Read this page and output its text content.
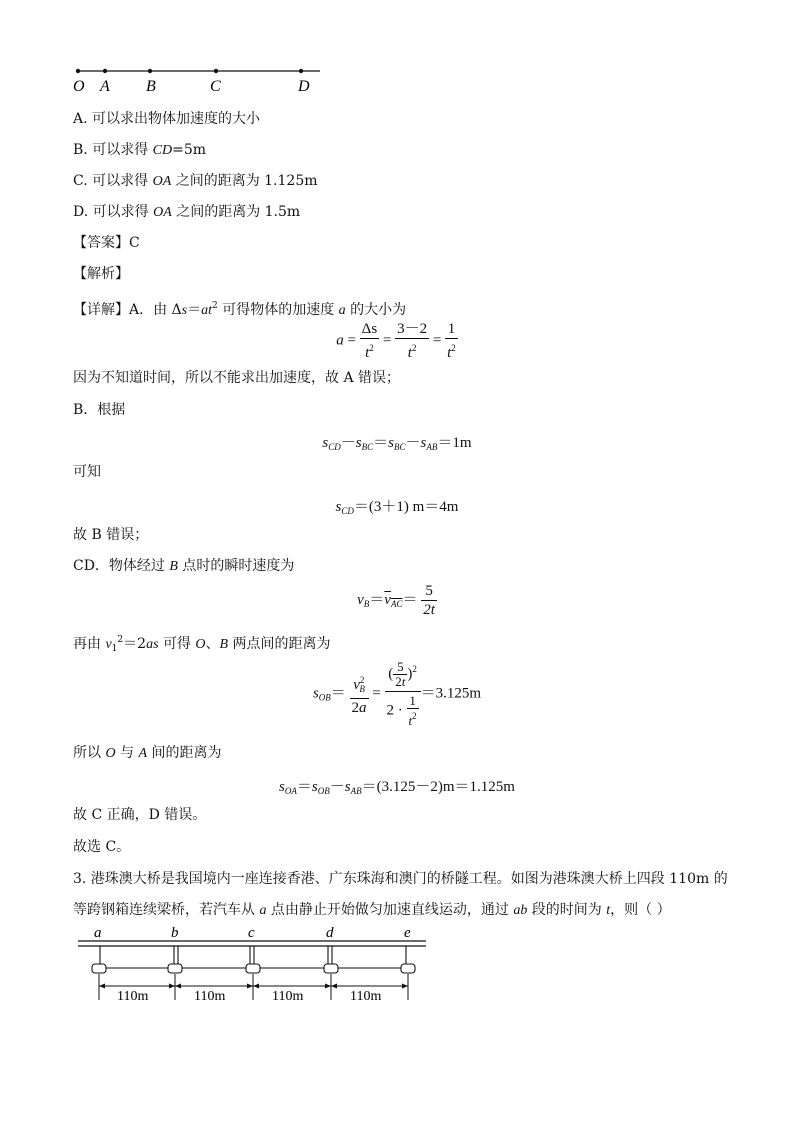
O A B	C	D
A. 可以求出物体加速度的大小
B. 可以求得 CD=5m
C. 可以求得 OA 之间的距离为 1.125m
D. 可以求得 OA 之间的距离为 1.5m
【答案】C
【解析】
【详解】A．由 $\Delta s=at^2$ 可得物体的加速度 a 的大小为
$a = \frac{\Delta s}{t^2} = \frac{3-2}{t^2} = \frac{1}{t^2}$
因为不知道时间，所以不能求出加速度，故 A 错误；
B．根据
$s_{CD}-s_{BC}=s_{BC}-s_{AB}=1m$
可知
$s_{CD}=(3+1)$ m＝4m
故 B 错误；
CD．物体经过 B 点时的瞬时速度为
$v_B=v_{AC}= \frac{5}{2t}$
再由 $v_1^2=2as$ 可得 O、B 两点间的距离为
$s_{OB}= \frac{v^2_B}{2a} = \frac{( \frac{5}{2t} )^2}{2 \cdot \frac{1}{t^2}} =3.125m$
所以 O 与 A 间的距离为
$s_{OA}=s_{OB}-s_{AB}=(3.125-2)m=1.125m$
故 C 正确，D 错误。
故选 C。
3. 港珠澳大桥是我国境内一座连接香港、广东珠海和澳门的桥隧工程。如图为港珠澳大桥上四段 110m 的
等跨钢箱连续梁桥，若汽车从 a 点由静止开始做匀加速直线运动，通过 ab 段的时间为 t，则（ ）
a	b	c	d	e
110m	110m	110m	110m
